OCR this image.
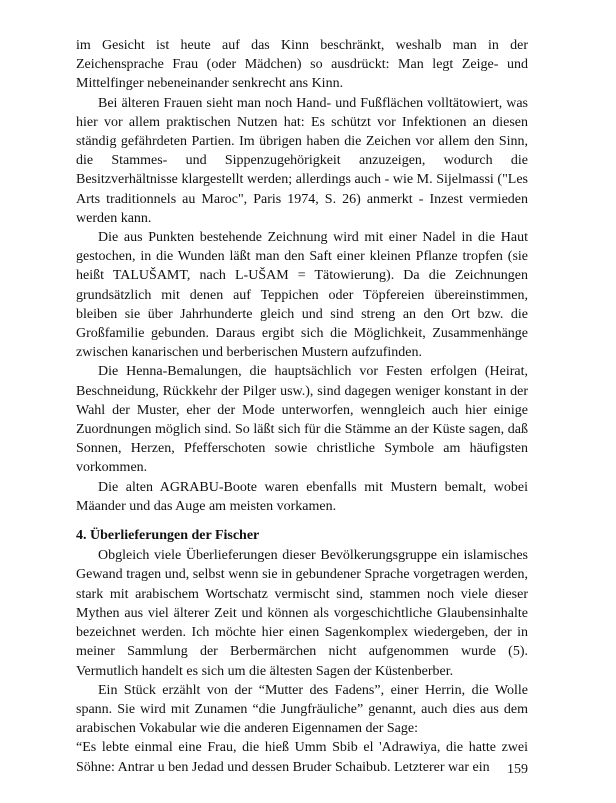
im Gesicht ist heute auf das Kinn beschränkt, weshalb man in der Zeichensprache Frau (oder Mädchen) so ausdrückt: Man legt Zeige- und Mittelfinger nebeneinander senkrecht ans Kinn.

Bei älteren Frauen sieht man noch Hand- und Fußflächen volltätowiert, was hier vor allem praktischen Nutzen hat: Es schützt vor Infektionen an diesen ständig gefährdeten Partien. Im übrigen haben die Zeichen vor allem den Sinn, die Stammes- und Sippenzugehörigkeit anzuzeigen, wodurch die Besitzverhältnisse klargestellt werden; allerdings auch - wie M. Sijelmassi ("Les Arts traditionnels au Maroc", Paris 1974, S. 26) anmerkt - Inzest vermieden werden kann.

Die aus Punkten bestehende Zeichnung wird mit einer Nadel in die Haut gestochen, in die Wunden läßt man den Saft einer kleinen Pflanze tropfen (sie heißt TALUŠAMT, nach L-UŠAM = Tätowierung). Da die Zeichnungen grundsätzlich mit denen auf Teppichen oder Töpfereien übereinstimmen, bleiben sie über Jahrhunderte gleich und sind streng an den Ort bzw. die Großfamilie gebunden. Daraus ergibt sich die Möglichkeit, Zusammenhänge zwischen kanarischen und berberischen Mustern aufzufinden.

Die Henna-Bemalungen, die hauptsächlich vor Festen erfolgen (Heirat, Beschneidung, Rückkehr der Pilger usw.), sind dagegen weniger konstant in der Wahl der Muster, eher der Mode unterworfen, wenngleich auch hier einige Zuordnungen möglich sind. So läßt sich für die Stämme an der Küste sagen, daß Sonnen, Herzen, Pfefferschoten sowie christliche Symbole am häufigsten vorkommen.

Die alten AGRABU-Boote waren ebenfalls mit Mustern bemalt, wobei Mäander und das Auge am meisten vorkamen.

4. Überlieferungen der Fischer

Obgleich viele Überlieferungen dieser Bevölkerungsgruppe ein islamisches Gewand tragen und, selbst wenn sie in gebundener Sprache vorgetragen werden, stark mit arabischem Wortschatz vermischt sind, stammen noch viele dieser Mythen aus viel älterer Zeit und können als vorgeschichtliche Glaubensinhalte bezeichnet werden. Ich möchte hier einen Sagenkomplex wiedergeben, der in meiner Sammlung der Berbermärchen nicht aufgenommen wurde (5). Vermutlich handelt es sich um die ältesten Sagen der Küstenberber.

Ein Stück erzählt von der “Mutter des Fadens”, einer Herrin, die Wolle spann. Sie wird mit Zunamen “die Jungfräuliche” genannt, auch dies aus dem arabischen Vokabular wie die anderen Eigennamen der Sage:

“Es lebte einmal eine Frau, die hieß Umm Sbib el 'Adrawiya, die hatte zwei Söhne: Antrar u ben Jedad und dessen Bruder Schaibub. Letzterer war ein	159
